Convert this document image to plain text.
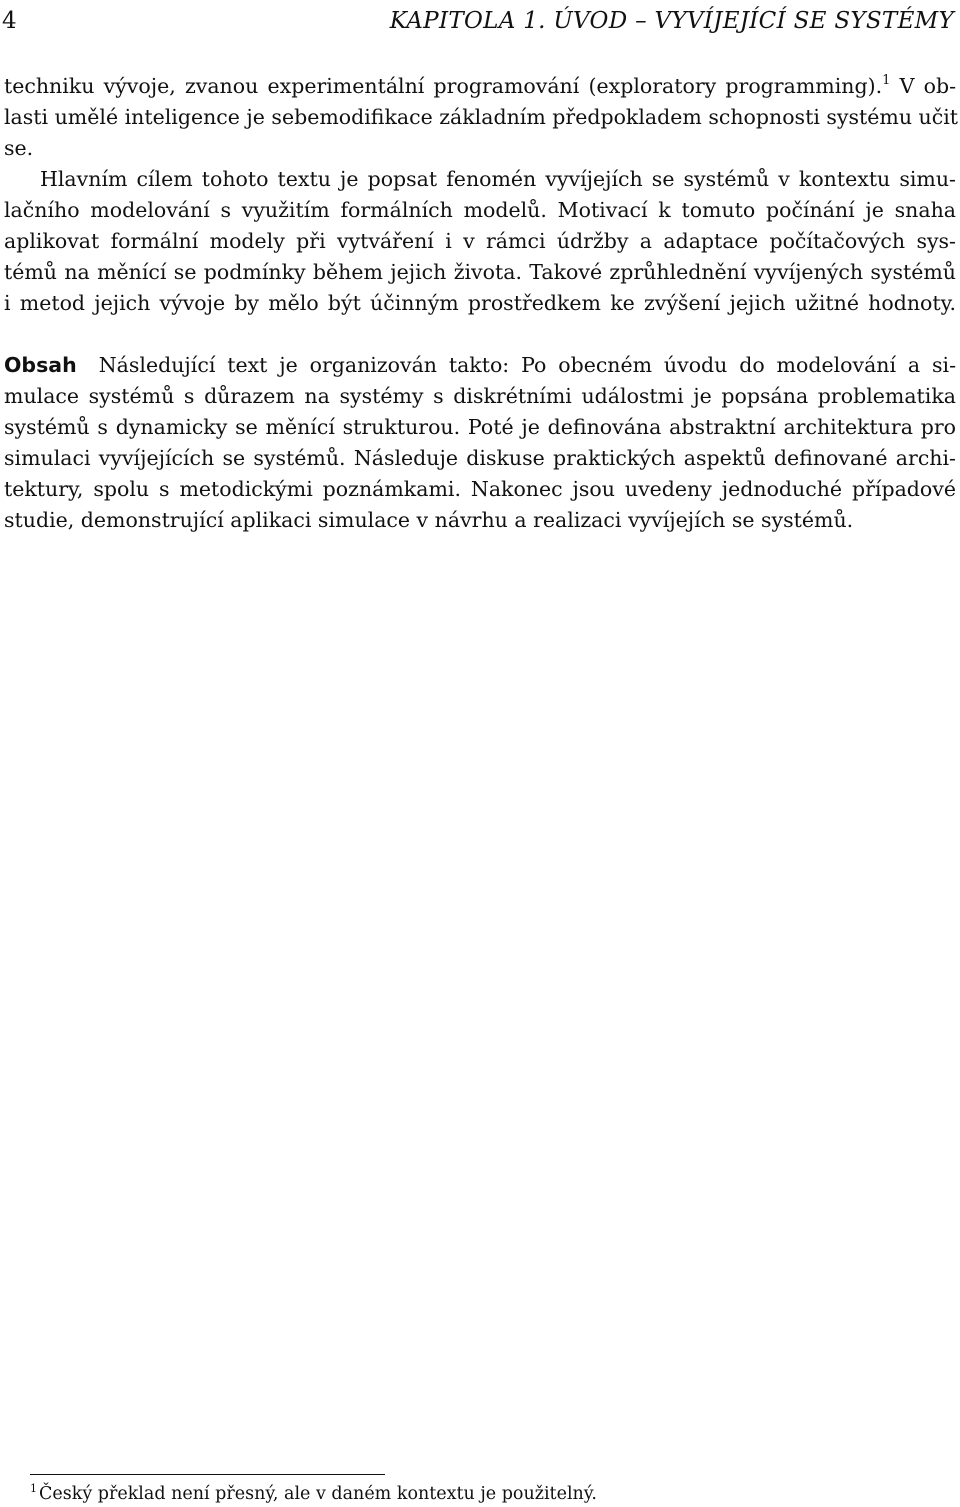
4	KAPITOLA 1. ÚVOD – VYVÍJEJÍCÍ SE SYSTÉMY
techniku vývoje, zvanou experimentální programování (exploratory programming).$^1$ V ob-
lasti umělé inteligence je sebemodifikace základním předpokladem schopnosti systému učit
se.
Hlavním cílem tohoto textu je popsat fenomén vyvíjejích se systémů v kontextu simu-
lačního modelování s využitím formálních modelů. Motivací k tomuto počínání je snaha
aplikovat formální modely při vytváření i v rámci údržby a adaptace počítačových sys-
témů na měnící se podmínky během jejich života. Takové zprůhlednění vyvíjených systémů
i metod jejich vývoje by mělo být účinným prostředkem ke zvýšení jejich užitné hodnoty.
Obsah Následující text je organizován takto: Po obecném úvodu do modelování a si-
mulace systémů s důrazem na systémy s diskrétními událostmi je popsána problematika
systémů s dynamicky se měnící strukturou. Poté je definována abstraktní architektura pro
simulaci vyvíjejících se systémů. Následuje diskuse praktických aspektů definované archi-
tektury, spolu s metodickými poznámkami. Nakonec jsou uvedeny jednoduché případové
studie, demonstrující aplikaci simulace v návrhu a realizaci vyvíjejích se systémů.
$^1$ Český překlad není přesný, ale v daném kontextu je použitelný.
